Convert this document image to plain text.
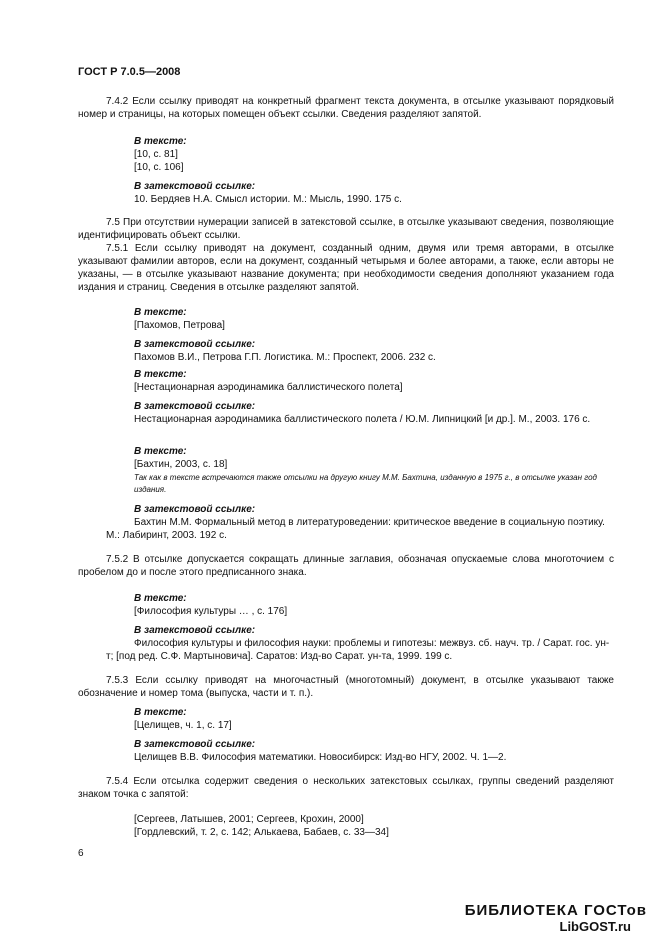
ГОСТ Р 7.0.5—2008
7.4.2 Если ссылку приводят на конкретный фрагмент текста документа, в отсылке указывают порядковый номер и страницы, на которых помещен объект ссылки. Сведения разделяют запятой.
В тексте:
[10, с. 81]
[10, с. 106]
В затекстовой ссылке:
10. Бердяев Н.А. Смысл истории. М.: Мысль, 1990. 175 с.
7.5 При отсутствии нумерации записей в затекстовой ссылке, в отсылке указывают сведения, позволяющие идентифицировать объект ссылки.
7.5.1 Если ссылку приводят на документ, созданный одним, двумя или тремя авторами, в отсылке указывают фамилии авторов, если на документ, созданный четырьмя и более авторами, а также, если авторы не указаны, — в отсылке указывают название документа; при необходимости сведения дополняют указанием года издания и страниц. Сведения в отсылке разделяют запятой.
В тексте:
[Пахомов, Петрова]
В затекстовой ссылке:
Пахомов В.И., Петрова Г.П. Логистика. М.: Проспект, 2006. 232 с.
В тексте:
[Нестационарная аэродинамика баллистического полета]
В затекстовой ссылке:
Нестационарная аэродинамика баллистического полета / Ю.М. Липницкий [и др.]. М., 2003. 176 с.
В тексте:
[Бахтин, 2003, с. 18]
Так как в тексте встречаются также отсылки на другую книгу М.М. Бахтина, изданную в 1975 г., в отсылке указан год издания.
В затекстовой ссылке:
Бахтин М.М. Формальный метод в литературоведении: критическое введение в социальную поэтику. М.: Лабиринт, 2003. 192 с.
7.5.2 В отсылке допускается сокращать длинные заглавия, обозначая опускаемые слова многоточием с пробелом до и после этого предписанного знака.
В тексте:
[Философия культуры … , с. 176]
В затекстовой ссылке:
Философия культуры и философия науки: проблемы и гипотезы: межвуз. сб. науч. тр. / Сарат. гос. ун-т; [под ред. С.Ф. Мартыновича]. Саратов: Изд-во Сарат. ун-та, 1999. 199 с.
7.5.3 Если ссылку приводят на многочастный (многотомный) документ, в отсылке указывают также обозначение и номер тома (выпуска, части и т. п.).
В тексте:
[Целищев, ч. 1, с. 17]
В затекстовой ссылке:
Целищев В.В. Философия математики. Новосибирск: Изд-во НГУ, 2002. Ч. 1—2.
7.5.4 Если отсылка содержит сведения о нескольких затекстовых ссылках, группы сведений разделяют знаком точка с запятой:
[Сергеев, Латышев, 2001; Сергеев, Крохин, 2000]
[Гордлевский, т. 2, с. 142; Алькаева, Бабаев, с. 33—34]
6
БИБЛИОТЕКА ГОСТов
LibGOST.ru
